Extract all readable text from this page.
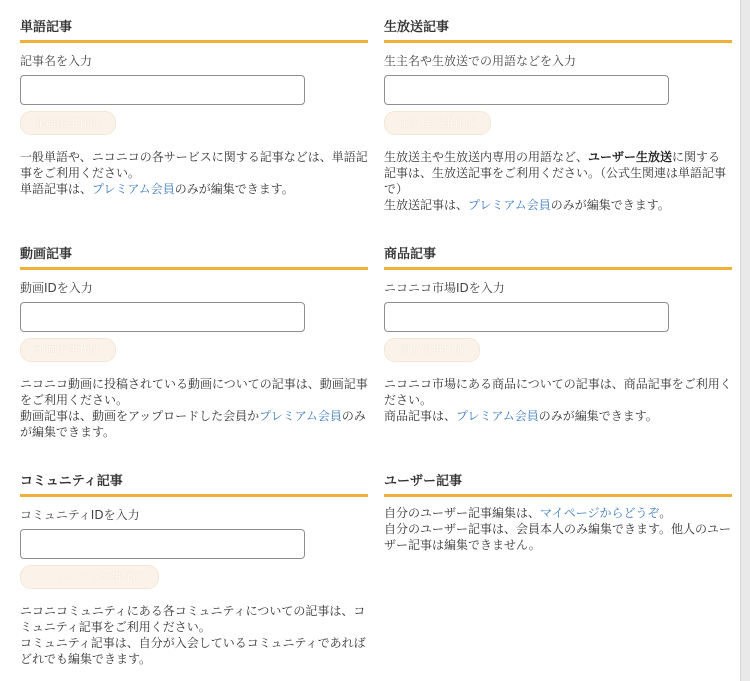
単語記事
記事名を入力
単語記事作成
一般単語や、ニコニコの各サービスに関する記事などは、単語記事をご利用ください。
単語記事は、プレミアム会員のみが編集できます。
生放送記事
生主名や生放送での用語などを入力
生放送記事作成
生放送主や生放送内専用の用語など、ユーザー生放送に関する記事は、生放送記事をご利用ください。（公式生関連は単語記事で）
生放送記事は、プレミアム会員のみが編集できます。
動画記事
動画IDを入力
動画記事作成
ニコニコ動画に投稿されている動画についての記事は、動画記事をご利用ください。
動画記事は、動画をアップロードした会員かプレミアム会員のみが編集できます。
商品記事
ニコニコ市場IDを入力
商品記事作成
ニコニコ市場にある商品についての記事は、商品記事をご利用ください。
商品記事は、プレミアム会員のみが編集できます。
コミュニティ記事
コミュニティIDを入力
コミュニティ記事作成
ニコニコミュニティにある各コミュニティについての記事は、コミュニティ記事をご利用ください。
コミュニティ記事は、自分が入会しているコミュニティであればどれでも編集できます。
ユーザー記事
自分のユーザー記事編集は、マイページからどうぞ。
自分のユーザー記事は、会員本人のみ編集できます。他人のユーザー記事は編集できません。
